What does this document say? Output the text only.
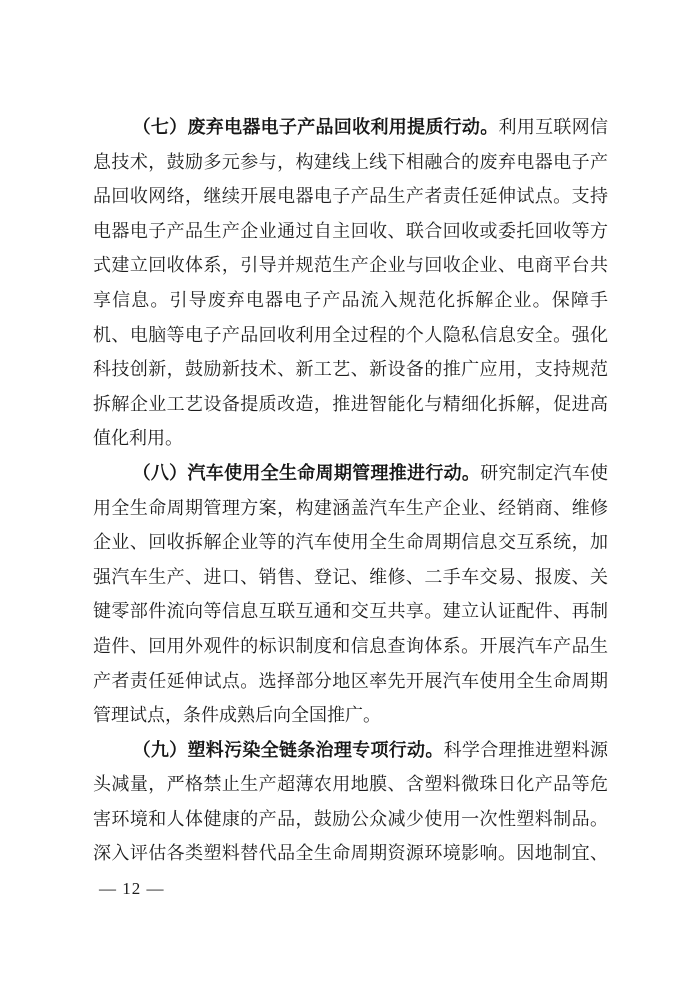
（七）废弃电器电子产品回收利用提质行动。利用互联网信
息技术，鼓励多元参与，构建线上线下相融合的废弃电器电子产
品回收网络，继续开展电器电子产品生产者责任延伸试点。支持
电器电子产品生产企业通过自主回收、联合回收或委托回收等方
式建立回收体系，引导并规范生产企业与回收企业、电商平台共
享信息。引导废弃电器电子产品流入规范化拆解企业。保障手
机、电脑等电子产品回收利用全过程的个人隐私信息安全。强化
科技创新，鼓励新技术、新工艺、新设备的推广应用，支持规范
拆解企业工艺设备提质改造，推进智能化与精细化拆解，促进高
值化利用。
（八）汽车使用全生命周期管理推进行动。研究制定汽车使
用全生命周期管理方案，构建涵盖汽车生产企业、经销商、维修
企业、回收拆解企业等的汽车使用全生命周期信息交互系统，加
强汽车生产、进口、销售、登记、维修、二手车交易、报废、关
键零部件流向等信息互联互通和交互共享。建立认证配件、再制
造件、回用外观件的标识制度和信息查询体系。开展汽车产品生
产者责任延伸试点。选择部分地区率先开展汽车使用全生命周期
管理试点，条件成熟后向全国推广。
（九）塑料污染全链条治理专项行动。科学合理推进塑料源
头减量，严格禁止生产超薄农用地膜、含塑料微珠日化产品等危
害环境和人体健康的产品，鼓励公众减少使用一次性塑料制品。
深入评估各类塑料替代品全生命周期资源环境影响。因地制宜、
— 12 —
